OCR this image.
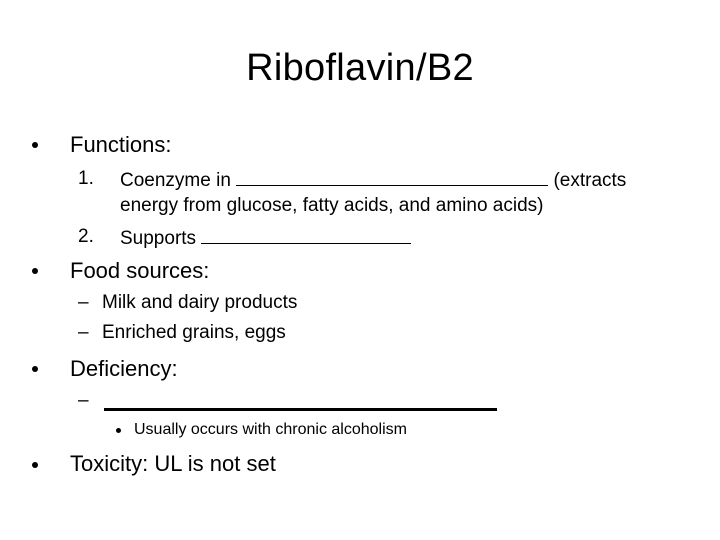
Riboflavin/B2
Functions:
1. Coenzyme in	(extracts
energy from glucose, fatty acids, and amino acids)
2. Supports
Food sources:
– Milk and dairy products
– Enriched grains, eggs
Deficiency:
–
Usually occurs with chronic alcoholism
Toxicity: UL is not set
